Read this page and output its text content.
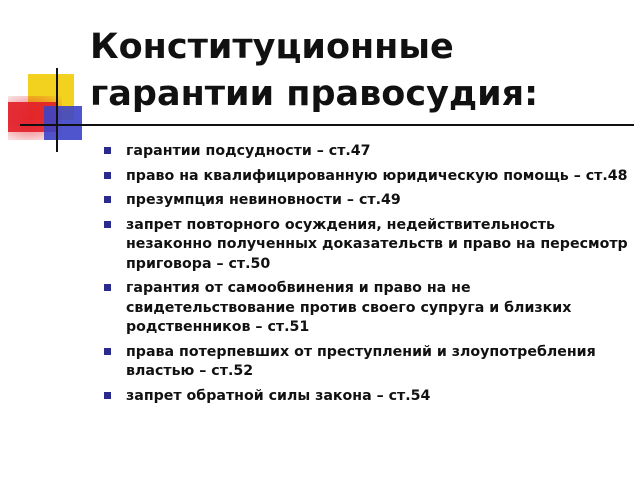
Конституционные
гарантии правосудия:
гарантии подсудности – ст.47
право на квалифицированную юридическую помощь – ст.48
презумпция невиновности – ст.49
запрет повторного осуждения, недействительность незаконно полученных доказательств и право на пересмотр приговора – ст.50
гарантия от самообвинения и право на не свидетельствование против своего супруга и близких родственников – ст.51
права потерпевших от преступлений и злоупотребления властью – ст.52
запрет обратной силы закона – ст.54
